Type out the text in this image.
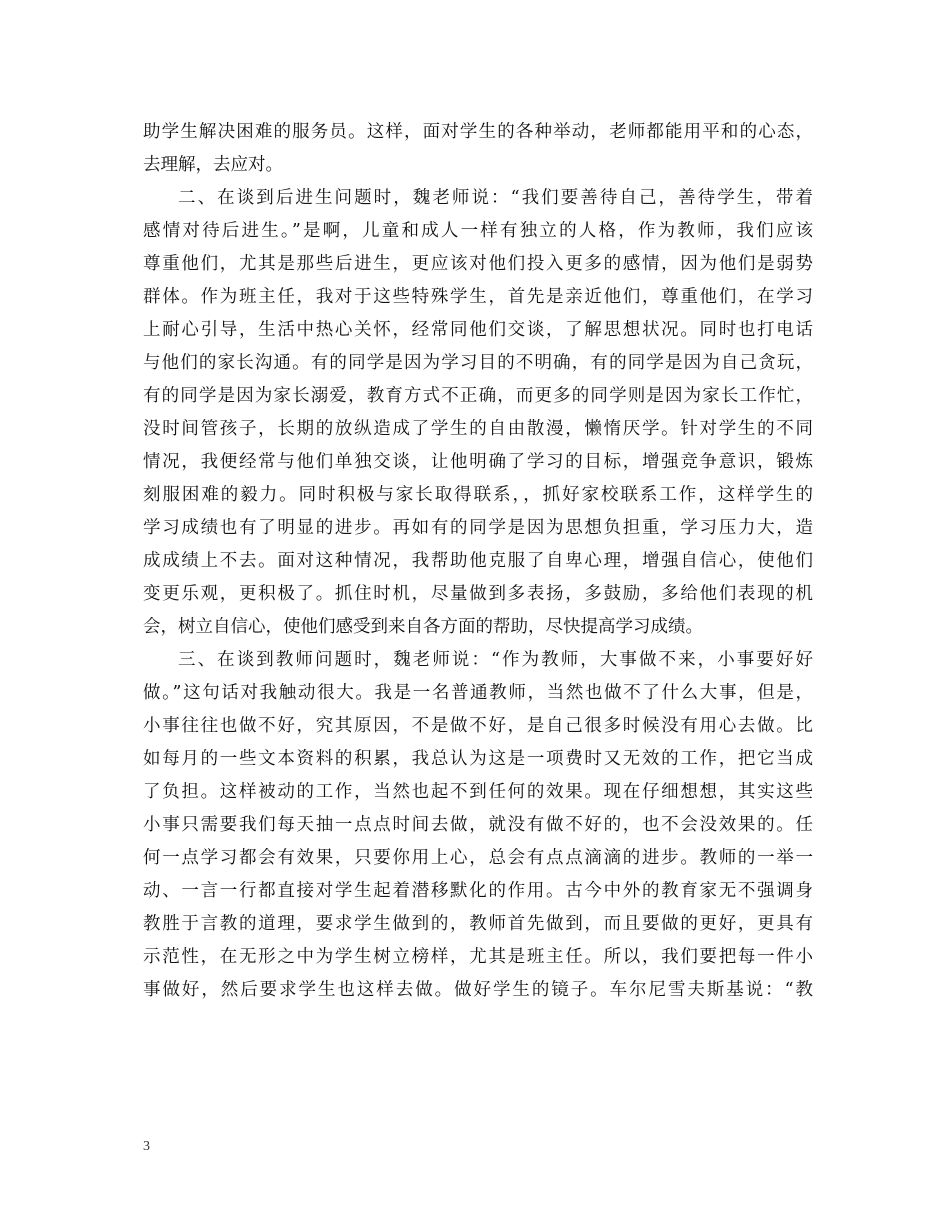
助学生解决困难的服务员。这样，面对学生的各种举动，老师都能用平和的心态，
去理解，去应对。
二、在谈到后进生问题时，魏老师说：“我们要善待自己，善待学生，带着
感情对待后进生。”是啊，儿童和成人一样有独立的人格，作为教师，我们应该
尊重他们，尤其是那些后进生，更应该对他们投入更多的感情，因为他们是弱势
群体。作为班主任，我对于这些特殊学生，首先是亲近他们，尊重他们，在学习
上耐心引导，生活中热心关怀，经常同他们交谈，了解思想状况。同时也打电话
与他们的家长沟通。有的同学是因为学习目的不明确，有的同学是因为自己贪玩，
有的同学是因为家长溺爱，教育方式不正确，而更多的同学则是因为家长工作忙，
没时间管孩子，长期的放纵造成了学生的自由散漫，懒惰厌学。针对学生的不同
情况，我便经常与他们单独交谈，让他明确了学习的目标，增强竞争意识，锻炼
刻服困难的毅力。同时积极与家长取得联系，，抓好家校联系工作，这样学生的
学习成绩也有了明显的进步。再如有的同学是因为思想负担重，学习压力大，造
成成绩上不去。面对这种情况，我帮助他克服了自卑心理，增强自信心，使他们
变更乐观，更积极了。抓住时机，尽量做到多表扬，多鼓励，多给他们表现的机
会，树立自信心，使他们感受到来自各方面的帮助，尽快提高学习成绩。
三、在谈到教师问题时，魏老师说：“作为教师，大事做不来，小事要好好
做。”这句话对我触动很大。我是一名普通教师，当然也做不了什么大事，但是，
小事往往也做不好，究其原因，不是做不好，是自己很多时候没有用心去做。比
如每月的一些文本资料的积累，我总认为这是一项费时又无效的工作，把它当成
了负担。这样被动的工作，当然也起不到任何的效果。现在仔细想想，其实这些
小事只需要我们每天抽一点点时间去做，就没有做不好的，也不会没效果的。任
何一点学习都会有效果，只要你用上心，总会有点点滴滴的进步。教师的一举一
动、一言一行都直接对学生起着潜移默化的作用。古今中外的教育家无不强调身
教胜于言教的道理，要求学生做到的，教师首先做到，而且要做的更好，更具有
示范性，在无形之中为学生树立榜样，尤其是班主任。所以，我们要把每一件小
事做好，然后要求学生也这样去做。做好学生的镜子。车尔尼雪夫斯基说：“教
3
